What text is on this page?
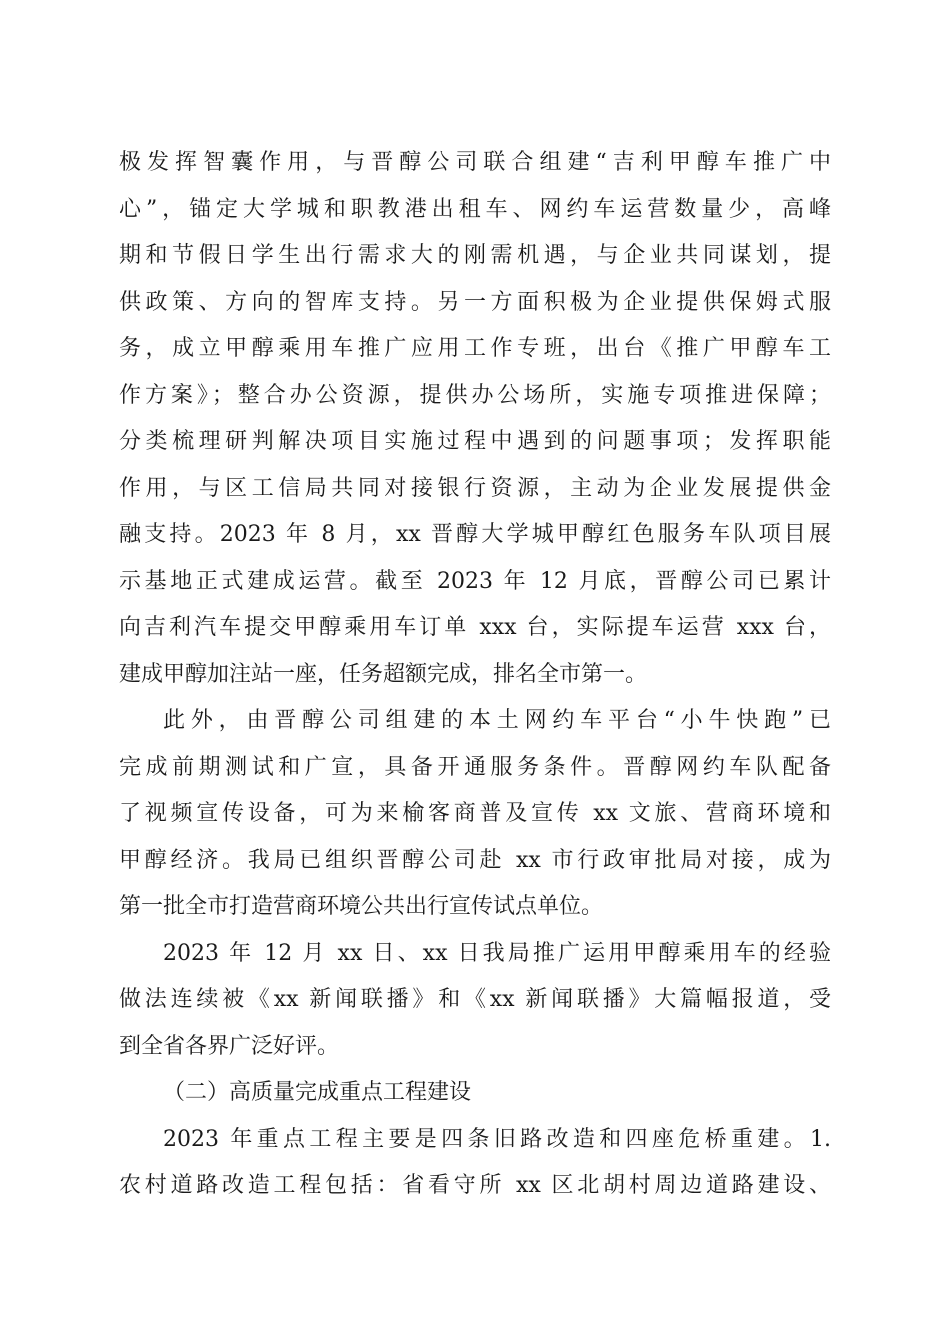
极发挥智囊作用，与晋醇公司联合组建“吉利甲醇车推广中
心”，锚定大学城和职教港出租车、网约车运营数量少，高峰
期和节假日学生出行需求大的刚需机遇，与企业共同谋划，提
供政策、方向的智库支持。另一方面积极为企业提供保姆式服
务，成立甲醇乘用车推广应用工作专班，出台《推广甲醇车工
作方案》；整合办公资源，提供办公场所，实施专项推进保障；
分类梳理研判解决项目实施过程中遇到的问题事项；发挥职能
作用，与区工信局共同对接银行资源，主动为企业发展提供金
融支持。2023 年 8 月，xx 晋醇大学城甲醇红色服务车队项目展
示基地正式建成运营。截至 2023 年 12 月底，晋醇公司已累计
向吉利汽车提交甲醇乘用车订单 xxx 台，实际提车运营 xxx 台，
建成甲醇加注站一座，任务超额完成，排名全市第一。
此外，由晋醇公司组建的本土网约车平台“小牛快跑”已
完成前期测试和广宣，具备开通服务条件。晋醇网约车队配备
了视频宣传设备，可为来榆客商普及宣传 xx 文旅、营商环境和
甲醇经济。我局已组织晋醇公司赴 xx 市行政审批局对接，成为
第一批全市打造营商环境公共出行宣传试点单位。
2023 年 12 月 xx 日、xx 日我局推广运用甲醇乘用车的经验
做法连续被《xx 新闻联播》和《xx 新闻联播》大篇幅报道，受
到全省各界广泛好评。
（二）高质量完成重点工程建设
2023 年重点工程主要是四条旧路改造和四座危桥重建。1.
农村道路改造工程包括：省看守所 xx 区北胡村周边道路建设、
